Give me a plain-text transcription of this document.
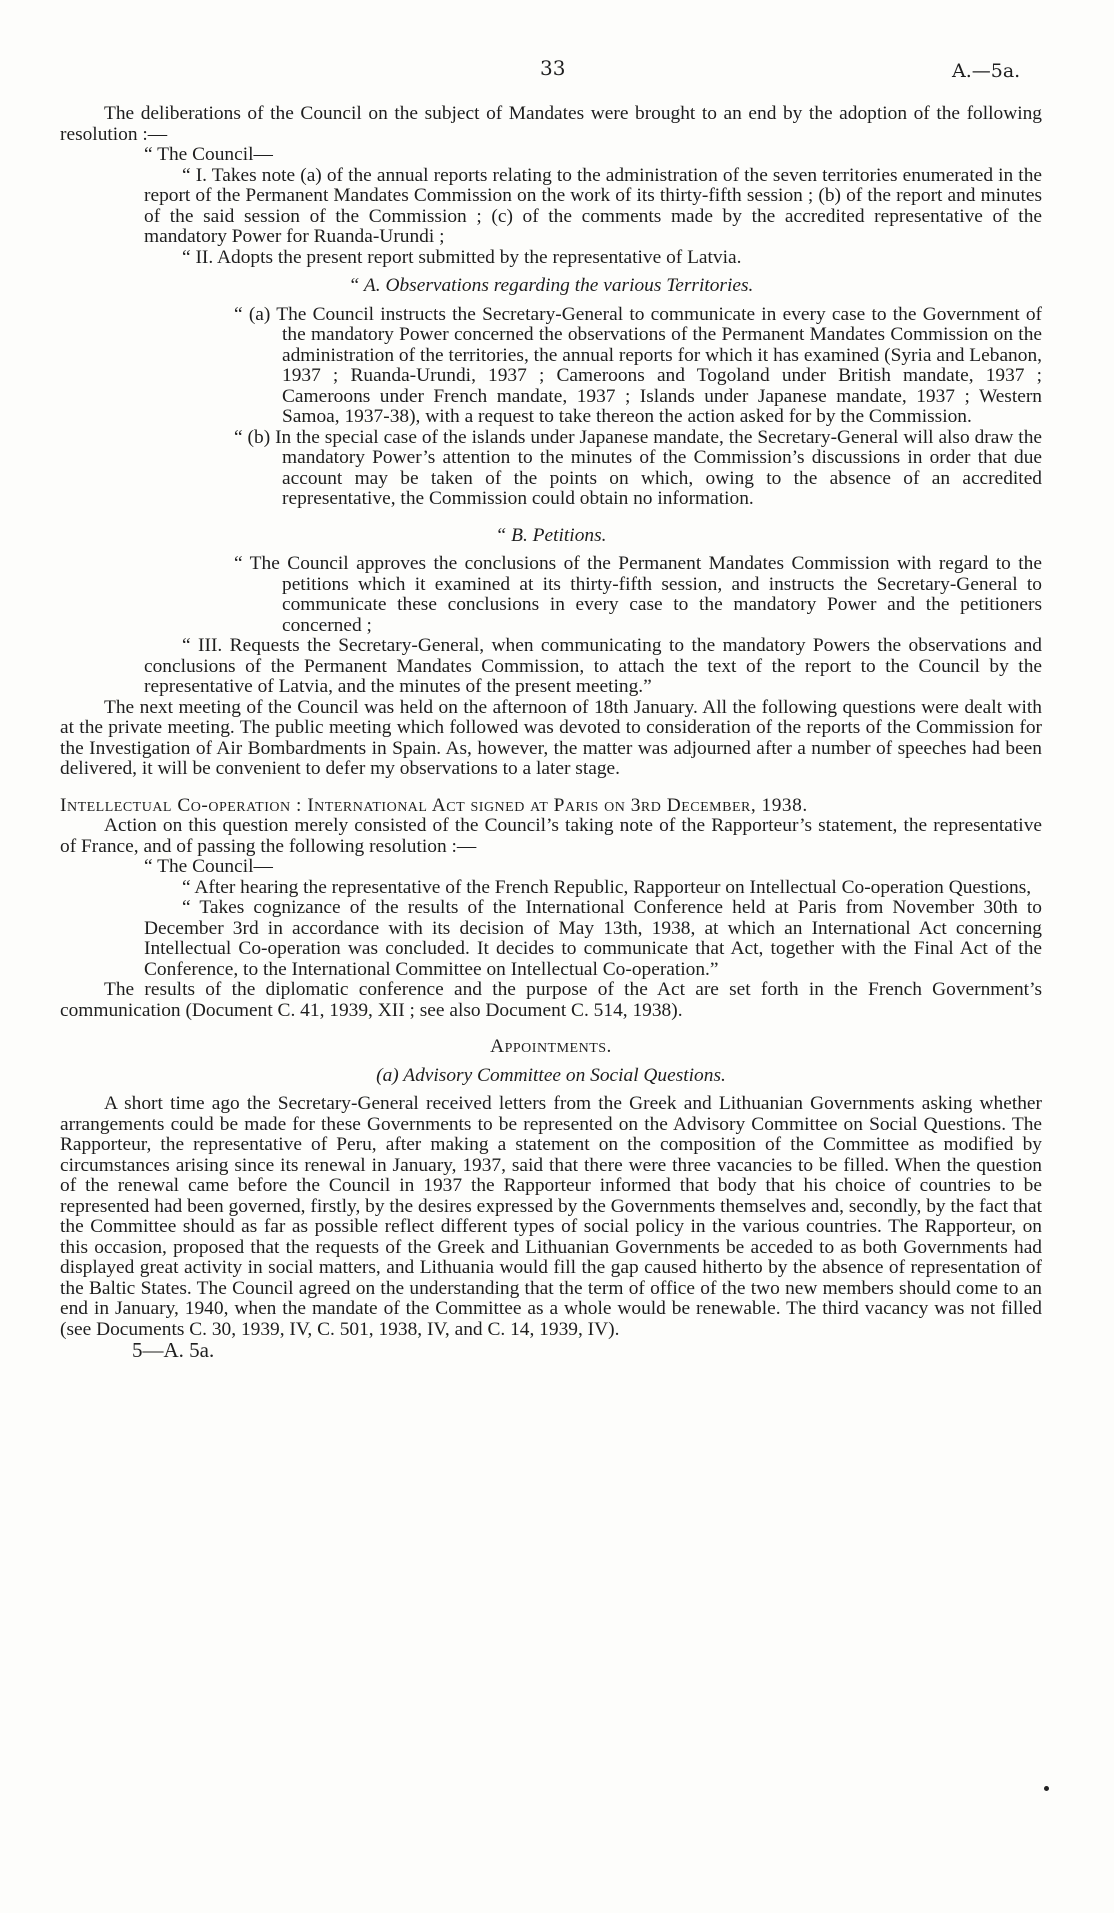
33	A.—5a.

The deliberations of the Council on the subject of Mandates were brought to an end by the adoption of the following resolution :—

“ The Council—

“ I. Takes note (a) of the annual reports relating to the administration of the seven territories enumerated in the report of the Permanent Mandates Commission on the work of its thirty-fifth session ; (b) of the report and minutes of the said session of the Commission ; (c) of the comments made by the accredited representative of the mandatory Power for Ruanda-Urundi ;

“ II. Adopts the present report submitted by the representative of Latvia.

“ A. Observations regarding the various Territories.

“ (a) The Council instructs the Secretary-General to communicate in every case to the Government of the mandatory Power concerned the observations of the Permanent Mandates Commission on the administration of the territories, the annual reports for which it has examined (Syria and Lebanon, 1937 ; Ruanda-Urundi, 1937 ; Cameroons and Togoland under British mandate, 1937 ; Cameroons under French mandate, 1937 ; Islands under Japanese mandate, 1937 ; Western Samoa, 1937-38), with a request to take thereon the action asked for by the Commission.

“ (b) In the special case of the islands under Japanese mandate, the Secretary-General will also draw the mandatory Power’s attention to the minutes of the Commission’s discussions in order that due account may be taken of the points on which, owing to the absence of an accredited representative, the Commission could obtain no information.

“ B. Petitions.

“ The Council approves the conclusions of the Permanent Mandates Commission with regard to the petitions which it examined at its thirty-fifth session, and instructs the Secretary-General to communicate these conclusions in every case to the mandatory Power and the petitioners concerned ;

“ III. Requests the Secretary-General, when communicating to the mandatory Powers the observations and conclusions of the Permanent Mandates Commission, to attach the text of the report to the Council by the representative of Latvia, and the minutes of the present meeting.”

The next meeting of the Council was held on the afternoon of 18th January. All the following questions were dealt with at the private meeting. The public meeting which followed was devoted to consideration of the reports of the Commission for the Investigation of Air Bombardments in Spain. As, however, the matter was adjourned after a number of speeches had been delivered, it will be convenient to defer my observations to a later stage.

Intellectual Co-operation : International Act signed at Paris on 3rd December, 1938.

Action on this question merely consisted of the Council’s taking note of the Rapporteur’s statement, the representative of France, and of passing the following resolution :—

“ The Council—

“ After hearing the representative of the French Republic, Rapporteur on Intellectual Co-operation Questions,

“ Takes cognizance of the results of the International Conference held at Paris from November 30th to December 3rd in accordance with its decision of May 13th, 1938, at which an International Act concerning Intellectual Co-operation was concluded. It decides to communicate that Act, together with the Final Act of the Conference, to the International Committee on Intellectual Co-operation.”

The results of the diplomatic conference and the purpose of the Act are set forth in the French Government’s communication (Document C. 41, 1939, XII ; see also Document C. 514, 1938).

Appointments.

(a) Advisory Committee on Social Questions.

A short time ago the Secretary-General received letters from the Greek and Lithuanian Governments asking whether arrangements could be made for these Governments to be represented on the Advisory Committee on Social Questions. The Rapporteur, the representative of Peru, after making a statement on the composition of the Committee as modified by circumstances arising since its renewal in January, 1937, said that there were three vacancies to be filled. When the question of the renewal came before the Council in 1937 the Rapporteur informed that body that his choice of countries to be represented had been governed, firstly, by the desires expressed by the Governments themselves and, secondly, by the fact that the Committee should as far as possible reflect different types of social policy in the various countries. The Rapporteur, on this occasion, proposed that the requests of the Greek and Lithuanian Governments be acceded to as both Governments had displayed great activity in social matters, and Lithuania would fill the gap caused hitherto by the absence of representation of the Baltic States. The Council agreed on the understanding that the term of office of the two new members should come to an end in January, 1940, when the mandate of the Committee as a whole would be renewable. The third vacancy was not filled (see Documents C. 30, 1939, IV, C. 501, 1938, IV, and C. 14, 1939, IV).

5—A. 5a.
